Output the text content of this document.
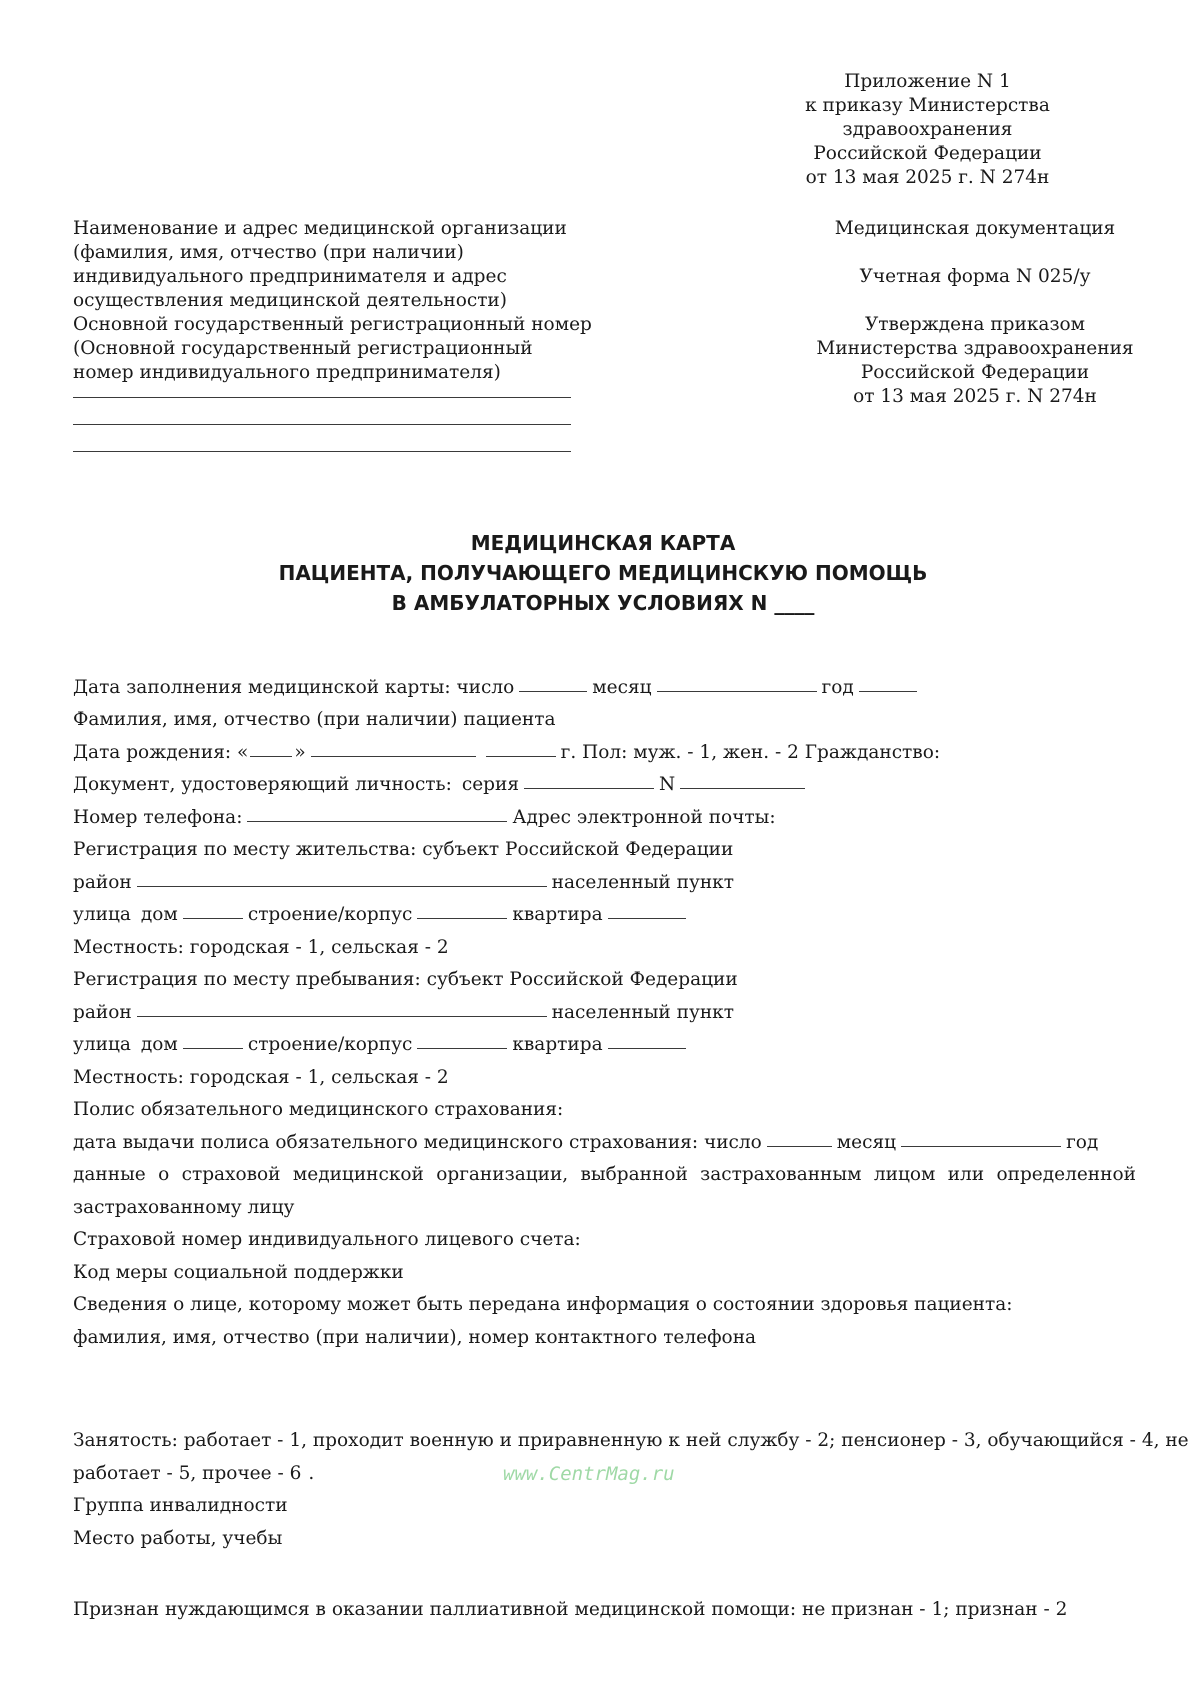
Приложение N 1
к приказу Министерства здравоохранения
Российской Федерации
от 13 мая 2025 г. N 274н
Наименование и адрес медицинской организации
(фамилия, имя, отчество (при наличии)
индивидуального предпринимателя и адрес
осуществления медицинской деятельности)
Основной государственный регистрационный номер
(Основной государственный регистрационный
номер индивидуального предпринимателя)
Медицинская документация
Учетная форма N 025/у
Утверждена приказом
Министерства здравоохранения
Российской Федерации
от 13 мая 2025 г. N 274н
МЕДИЦИНСКАЯ КАРТА
ПАЦИЕНТА, ПОЛУЧАЮЩЕГО МЕДИЦИНСКУЮ ПОМОЩЬ
В АМБУЛАТОРНЫХ УСЛОВИЯХ N ____
Дата заполнения медицинской карты: число	месяц	год
Фамилия, имя, отчество (при наличии) пациента
Дата рождения: « »	г. Пол: муж. - 1, жен. - 2 Гражданство:
Документ, удостоверяющий личность: серия	N
Номер телефона:	Адрес электронной почты:
Регистрация по месту жительства: субъект Российской Федерации
район	населенный пункт
улица дом	строение/корпус	квартира
Местность: городская - 1, сельская - 2
Регистрация по месту пребывания: субъект Российской Федерации
район	населенный пункт
улица дом	строение/корпус	квартира
Местность: городская - 1, сельская - 2
Полис обязательного медицинского страхования:
дата выдачи полиса обязательного медицинского страхования: число	месяц	год
данные о страховой медицинской организации, выбранной застрахованным лицом или определенной
застрахованному лицу
Страховой номер индивидуального лицевого счета:
Код меры социальной поддержки
Сведения о лице, которому может быть передана информация о состоянии здоровья пациента:
фамилия, имя, отчество (при наличии), номер контактного телефона
Занятость: работает - 1, проходит военную и приравненную к ней службу - 2; пенсионер - 3, обучающийся - 4, не
работает - 5, прочее - 6 .
Группа инвалидности
Место работы, учебы
Признан нуждающимся в оказании паллиативной медицинской помощи: не признан - 1; признан - 2
www.CentrMag.ru
